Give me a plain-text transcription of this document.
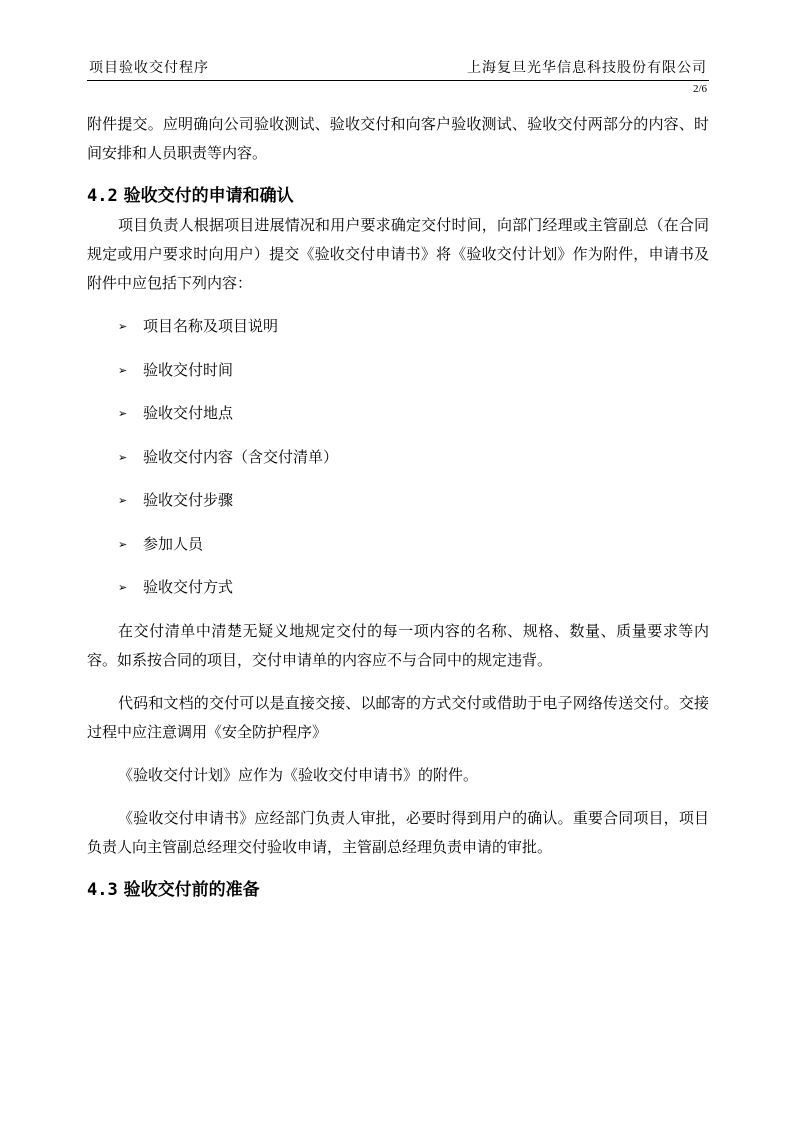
项目验收交付程序	上海复旦光华信息科技股份有限公司
2/6

附件提交。应明确向公司验收测试、验收交付和向客户验收测试、验收交付两部分的内容、时间安排和人员职责等内容。

4.2 验收交付的申请和确认

项目负责人根据项目进展情况和用户要求确定交付时间，向部门经理或主管副总（在合同规定或用户要求时向用户）提交《验收交付申请书》将《验收交付计划》作为附件，申请书及附件中应包括下列内容：

➢ 项目名称及项目说明
➢ 验收交付时间
➢ 验收交付地点
➢ 验收交付内容（含交付清单）
➢ 验收交付步骤
➢ 参加人员
➢ 验收交付方式

在交付清单中清楚无疑义地规定交付的每一项内容的名称、规格、数量、质量要求等内容。如系按合同的项目，交付申请单的内容应不与合同中的规定违背。

代码和文档的交付可以是直接交接、以邮寄的方式交付或借助于电子网络传送交付。交接过程中应注意调用《安全防护程序》

《验收交付计划》应作为《验收交付申请书》的附件。

《验收交付申请书》应经部门负责人审批，必要时得到用户的确认。重要合同项目，项目负责人向主管副总经理交付验收申请，主管副总经理负责申请的审批。

4.3 验收交付前的准备
